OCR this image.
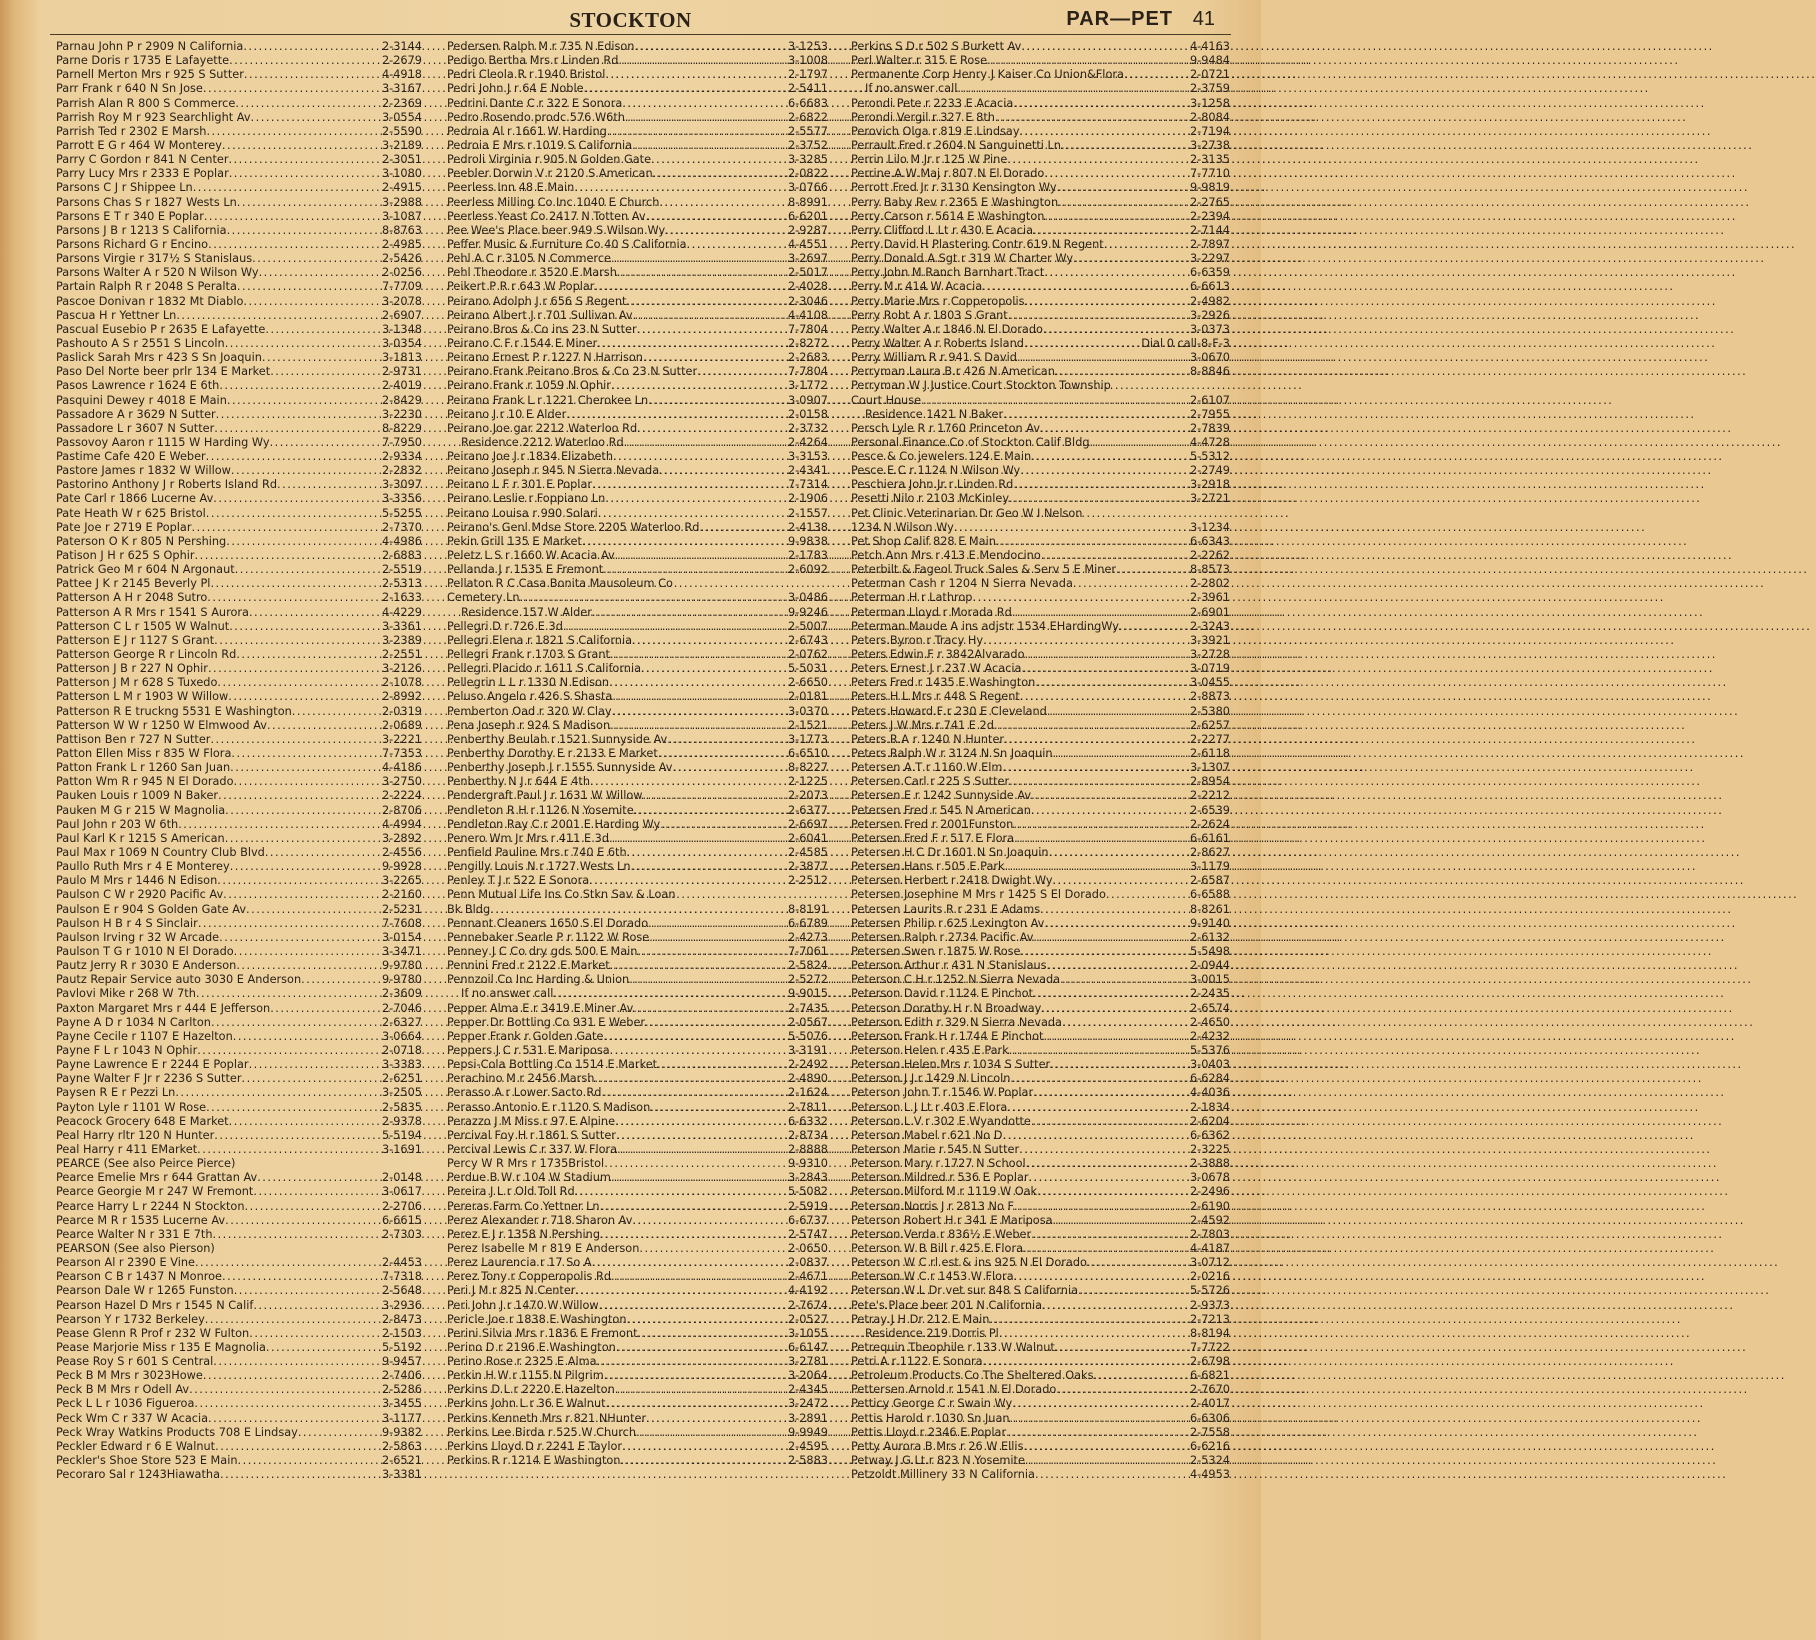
STOCKTON	PAR—PET 41
Parnau John P r 2909 N California .....	2-3144
Parne Doris r 1735 E Lafayette .....	2-2679
Parnell Merton Mrs r 925 S Sutter .....	4-4918
Parr Frank r 640 N Sn Jose .....	3-3167
Parrish Alan R 800 S Commerce .....	2-2369
Parrish Roy M r 923 Searchlight Av .....	3-0554
Parrish Ted r 2302 E Marsh .....	2-5590
Parrott E G r 464 W Monterey .....	3-2189
Parry C Gordon r 841 N Center .....	2-3051
Parry Lucy Mrs r 2333 E Poplar .....	3-1080
Parsons C J r Shippee Ln .....	2-4915
Parsons Chas S r 1827 Wests Ln .....	3-2988
Parsons E T r 340 E Poplar .....	3-1087
Parsons J B r 1213 S California .....	8-8763
Parsons Richard G r Encino .....	2-4985
Parsons Virgie r 317½ S Stanislaus .....	2-5426
Parsons Walter A r 520 N Wilson Wy .....	2-0256
Partain Ralph R r 2048 S Peralta .....	7-7709
Pascoe Donivan r 1832 Mt Diablo .....	3-2078
Pascua H r Yettner Ln .....	2-6907
Pascual Eusebio P r 2635 E Lafayette .....	3-1348
Pashouto A S r 2551 S Lincoln .....	3-0354
Paslick Sarah Mrs r 423 S Sn Joaquin .....	3-1813
Paso Del Norte beer prlr 134 E Market .....	2-9731
Pasos Lawrence r 1624 E 6th .....	2-4019
Pasquini Dewey r 4018 E Main .....	2-8429
Passadore A r 3629 N Sutter .....	3-2230
Passadore L r 3607 N Sutter .....	8-8229
Passovoy Aaron r 1115 W Harding Wy .....	7-7950
Pastime Cafe 420 E Weber .....	2-9334
Pastore James r 1832 W Willow .....	2-2832
Pastorino Anthony J r Roberts Island Rd .....	3-3097
Pate Carl r 1866 Lucerne Av .....	3-3356
Pate Heath W r 625 Bristol .....	5-5255
Pate Joe r 2719 E Poplar .....	2-7370
Paterson O K r 805 N Pershing .....	4-4986
Patison J H r 625 S Ophir .....	2-6883
Patrick Geo M r 604 N Argonaut .....	2-5519
Pattee J K r 2145 Beverly Pl .....	2-5313
Patterson A H r 2048 Sutro .....	2-1633
Patterson A R Mrs r 1541 S Aurora .....	4-4229
Patterson C L r 1505 W Walnut .....	3-3361
Patterson E J r 1127 S Grant .....	3-2389
Patterson George R r Lincoln Rd .....	2-2551
Patterson J B r 227 N Ophir .....	3-2126
Patterson J M r 628 S Tuxedo .....	2-1078
Patterson L M r 1903 W Willow .....	2-8992
Patterson R E truckng 5531 E Washington .....	2-0319
Patterson W W r 1250 W Elmwood Av .....	2-0689
Pattison Ben r 727 N Sutter .....	3-2221
Patton Ellen Miss r 835 W Flora .....	7-7353
Patton Frank L r 1260 San Juan .....	4-4186
Patton Wm R r 945 N El Dorado .....	3-2750
Pauken Louis r 1009 N Baker .....	2-2224
Pauken M G r 215 W Magnolia .....	2-8706
Paul John r 203 W 6th .....	4-4994
Paul Karl K r 1215 S American .....	3-2892
Paul Max r 1069 N Country Club Blvd .....	2-4556
Paullo Ruth Mrs r 4 E Monterey .....	9-9928
Paulo M Mrs r 1446 N Edison .....	3-2265
Paulson C W r 2920 Pacific Av .....	2-2160
Paulson E r 904 S Golden Gate Av .....	2-5231
Paulson H B r 4 S Sinclair .....	7-7608
Paulson Irving r 32 W Arcade .....	3-0154
Paulson T G r 1010 N El Dorado .....	3-3471
Pautz Jerry R r 3030 E Anderson .....	9-9780
Pautz Repair Service auto 3030 E Anderson .....	9-9780
Pavlovi Mike r 268 W 7th .....	2-3609
Paxton Margaret Mrs r 444 E Jefferson .....	2-7046
Payne A D r 1034 N Carlton .....	2-6327
Payne Cecile r 1107 E Hazelton .....	3-0664
Payne F L r 1043 N Ophir .....	2-0718
Payne Lawrence E r 2244 E Poplar .....	3-3383
Payne Walter F Jr r 2236 S Sutter .....	2-6251
Paysen R E r Pezzi Ln .....	3-2505
Payton Lyle r 1101 W Rose .....	2-5835
Peacock Grocery 648 E Market .....	2-9378
Peal Harry rltr 120 N Hunter .....	5-5194
Peal Harry r 411 EMarket .....	3-1691
PEARCE (See also Peirce Pierce)
Pearce Emelie Mrs r 644 Grattan Av .....	2-0148
Pearce Georgie M r 247 W Fremont .....	3-0617
Pearce Harry L r 2244 N Stockton .....	2-2706
Pearce M R r 1535 Lucerne Av .....	6-6615
Pearce Walter N r 331 E 7th .....	2-7303
PEARSON (See also Pierson)
Pearson Al r 2390 E Vine .....	2-4453
Pearson C B r 1437 N Monroe .....	7-7318
Pearson Dale W r 1265 Funston .....	2-5648
Pearson Hazel D Mrs r 1545 N Calif .....	3-2936
Pearson Y r 1732 Berkeley .....	2-8473
Pease Glenn R Prof r 232 W Fulton .....	2-1503
Pease Marjorie Miss r 135 E Magnolia .....	5-5192
Pease Roy S r 601 S Central .....	9-9457
Peck B M Mrs r 3023Howe .....	2-7406
Peck B M Mrs r Odell Av .....	2-5286
Peck L L r 1036 Figueroa .....	3-3455
Peck Wm C r 337 W Acacia .....	3-1177
Peck Wray Watkins Products 708 E Lindsay .....	9-9382
Peckler Edward r 6 E Walnut .....	2-5863
Peckler's Shoe Store 523 E Main .....	2-6521
Pecoraro Sal r 1243Hiawatha .....	3-3381
Pedersen Ralph M r 735 N Edison .....	3-1253
Pedigo Bertha Mrs r Linden Rd .....	3-1008
Pedri Cleola R r 1940 Bristol .....	2-1797
Pedri John J r 64 E Noble .....	2-5411
Pedrini Dante C r 322 E Sonora .....	6-6683
Pedro Rosendo prodc 576 W6th .....	2-6822
Pedroia Al r 1661 W Harding .....	2-5577
Pedroia E Mrs r 1019 S California .....	2-3752
Pedroli Virginia r 905 N Golden Gate .....	3-3285
Peebler Dorwin V r 2120 S American .....	2-0822
Peerless Inn 48 E Main .....	3-0766
Peerless Milling Co Inc 1040 E Church .....	8-8991
Peerless Yeast Co 2417 N Totten Av .....	6-6201
Pee Wee's Place beer 949 S Wilson Wy .....	2-9287
Peffer Music & Furniture Co 40 S California .....	4-4551
Pehl A C r 3105 N Commerce .....	3-2697
Pehl Theodore r 3520 E Marsh .....	2-5017
Peikert P R r 643 W Poplar .....	2-4028
Peirano Adolph J r 656 S Regent .....	2-3046
Peirano Albert J r 701 Sullivan Av .....	4-4108
Peirano Bros & Co ins 23 N Sutter .....	7-7804
Peirano C F r 1544 E Miner .....	2-8272
Peirano Ernest P r 1227 N Harrison .....	2-2683
Peirano Frank Peirano Bros & Co 23 N Sutter .....	7-7804
Peirano Frank r 1059 N Ophir .....	3-1772
Peirano Frank L r 1221 Cherokee Ln .....	3-0907
Peirano J r 10 E Alder .....	2-0158
Peirano Joe gar 2212 Waterloo Rd .....	2-3732
Residence 2212 Waterloo Rd .....	2-4264
Peirano Joe J r 1834 Elizabeth .....	3-3153
Peirano Joseph r 945 N Sierra Nevada .....	2-4341
Peirano L F r 301 E Poplar .....	7-7314
Peirano Leslie r Foppiano Ln .....	2-1906
Peirano Louisa r 990 Solari .....	2-1557
Peirano's Genl Mdse Store 2205 Waterloo Rd .....	2-4138
Pekin Grill 135 E Market .....	9-9838
Peletz L S r 1660 W Acacia Av .....	2-1783
Pellanda J r 1535 E Fremont .....	2-6092
Pellaton R C Casa Bonita Mausoleum Co
Cemetery Ln .....	3-0486
Residence 157 W Alder .....	9-9246
Pellegri D r 726 E 3d .....	2-5007
Pellegri Elena r 1821 S California .....	2-6743
Pellegri Frank r 1703 S Grant .....	2-0762
Pellegri Placido r 1611 S California .....	5-5031
Pellegrin L L r 1330 N Edison .....	2-6650
Peluso Angelo r 426 S Shasta .....	2-0181
Pemberton Oad r 320 W Clay .....	3-0370
Pena Joseph r 924 S Madison .....	2-1521
Penberthy Beulah r 1521 Sunnyside Av .....	3-1773
Penberthy Dorothy E r 2133 E Market .....	6-6510
Penberthy Joseph J r 1555 Sunnyside Av .....	8-8227
Penberthy N J r 644 E 4th .....	2-1225
Pendergraft Paul J r 1631 W Willow .....	2-2073
Pendleton R H r 1126 N Yosemite .....	2-6377
Pendleton Ray C r 2001 E Harding Wy .....	2-6697
Penero Wm Jr Mrs r 411 E 3d .....	2-6041
Penfield Pauline Mrs r 740 E 6th .....	2-4585
Pengilly Louis N r 1727 Wests Ln .....	2-3877
Penley T J r 522 E Sonora .....	2-2512
Penn Mutual Life Ins Co Stkn Sav & Loan
Bk Bldg .....	8-8191
Pennant Cleaners 1650 S El Dorado .....	6-6789
Pennebaker Searle P r 1122 W Rose .....	2-4273
Penney J C Co dry gds 500 E Main .....	7-7061
Pennini Fred r 2122 E Market .....	2-5824
Pennzoil Co Inc Harding & Union .....	2-5272
If no answer call .....	9-9015
Pepper Alma E r 3419 E Miner Av .....	2-7435
Pepper Dr Bottling Co 931 E Weber .....	2-0567
Pepper Frank r Golden Gate .....	5-5076
Peppers J C r 531 E Mariposa .....	3-3191
Pepsi-Cola Bottling Co 1514 E Market .....	2-2492
Perachino M r 2456 Marsh .....	2-4890
Perasso A r Lower Sacto Rd .....	2-1624
Perasso Antonio E r 1120 S Madison .....	2-7811
Perazzo J M Miss r 97 E Alpine .....	6-6332
Percival Foy H r 1861 S Sutter .....	2-8734
Percival Lewis C r 337 W Flora .....	2-8888
Percy W R Mrs r 1735Bristol .....	9-9310
Perdue B W r 104 W Stadium .....	3-2843
Pereira J L r Old Toll Rd .....	5-5082
Pereras Farm Co Yettner Ln .....	2-5919
Perez Alexander r 718 Sharon Av .....	6-6737
Perez E J r 1358 N Pershing .....	2-5747
Perez Isabelle M r 819 E Anderson .....	2-0650
Perez Laurencia r 17 So A .....	2-0837
Perez Tony r Copperopolis Rd .....	2-4671
Peri J M r 825 N Center .....	4-4192
Peri John J r 1470 W Willow .....	2-7674
Pericle Joe r 1838 E Washington .....	2-0527
Perini Silvia Mrs r 1836 E Fremont .....	3-1055
Perino D r 2196 E Washington .....	6-6147
Perino Rose r 2325 E Alma .....	3-2781
Perkin H W r 1155 N Pilgrim .....	3-2064
Perkins D L r 2220 E Hazelton .....	2-4345
Perkins John L r 36 E Walnut .....	3-2472
Perkins Kenneth Mrs r 821 NHunter .....	3-2891
Perkins Lee Birda r 525 W Church .....	9-9949
Perkins Lloyd D r 2241 E Taylor .....	2-4595
Perkins R r 1214 E Washington .....	2-5883
Perkins S D r 502 S Burkett Av .....	4-4163
Perl Walter r 315 E Rose .....	9-9484
Permanente Corp Henry J Kaiser Co Union&Flora .....	2-0721
If no answer call .....	2-3759
Perondi Pete r 2233 E Acacia .....	3-1258
Perondi Vergil r 327 E 8th .....	2-8084
Perovich Olga r 819 E Lindsay .....	2-7194
Perrault Fred r 2604 N Sanguinetti Ln .....	3-2738
Perrin Lilo M Jr r 125 W Pine .....	2-3135
Perrine A W Maj r 807 N El Dorado .....	7-7710
Perrott Fred Jr r 3130 Kensington Wy .....	9-9819
Perry Baby Rev r 2365 E Washington .....	2-2765
Perry Carson r 5614 E Washington .....	2-2394
Perry Clifford L Lt r 430 E Acacia .....	2-7144
Perry David H Plastering Contr 619 N Regent .....	2-7897
Perry Donald A Sgt r 319 W Charter Wy .....	3-2297
Perry John M Ranch Barnhart Tract .....	6-6359
Perry M r 414 W Acacia .....	6-6613
Perry Marie Mrs r Copperopolis .....	2-4982
Perry Robt A r 1803 S Grant .....	3-2926
Perry Walter A r 1846 N El Dorado .....	3-0373
Perry Walter A r Roberts Island .....	Dial 0 call-8-F-3
Perry William R r 941 S David .....	3-0670
Perryman Laura B r 426 N American .....	8-8846
Perryman W J Justice Court Stockton Township
Court House .....	2-6107
Residence 1421 N Baker .....	2-7955
Persch Lyle R r 1760 Princeton Av .....	2-7839
Personal Finance Co of Stockton Calif Bldg .....	4-4728
Pesce & Co jewelers 124 E Main .....	5-5312
Pesce E C r 1124 N Wilson Wy .....	2-2749
Peschiera John Jr r Linden Rd .....	3-2918
Pesetti Nilo r 2103 McKinley .....	3-2721
Pet Clinic Veterinarian Dr Geo W I Nelson
1234 N Wilson Wy .....	3-1234
Pet Shop Calif 828 E Main .....	6-6343
Petch Ann Mrs r 413 E Mendocino .....	2-2262
Peterbilt & Fageol Truck Sales & Serv 5 E Miner .....	8-8573
Peterman Cash r 1204 N Sierra Nevada .....	2-2802
Peterman H r Lathrop .....	2-3961
Peterman Lloyd r Morada Rd .....	2-6901
Peterman Maude A ins adjstr 1534 EHardingWy .....	2-3243
Peters Byron r Tracy Hy .....	3-3921
Peters Edwin F r 3842Alvarado .....	3-2728
Peters Ernest J r 237 W Acacia .....	3-0719
Peters Fred r 1435 E Washington .....	3-0455
Peters H L Mrs r 448 S Regent .....	2-8873
Peters Howard F r 230 E Cleveland .....	2-5380
Peters J W Mrs r 741 E 2d .....	2-6257
Peters R A r 1240 N Hunter .....	2-2277
Peters Ralph W r 3124 N Sn Joaquin .....	2-6118
Petersen A T r 1160 W Elm .....	3-1307
Petersen Carl r 225 S Sutter .....	2-8954
Petersen E r 1242 Sunnyside Av .....	2-2212
Petersen Fred r 545 N American .....	2-6539
Petersen Fred r 2001Funston .....	2-2624
Petersen Fred F r 517 E Flora .....	6-6161
Petersen H C Dr 1601 N Sn Joaquin .....	2-8627
Petersen Hans r 505 E Park .....	3-1179
Petersen Herbert r 2418 Dwight Wy .....	2-6587
Petersen Josephine M Mrs r 1425 S El Dorado .....	6-6588
Petersen Laurits R r 231 E Adams .....	8-8261
Petersen Philip r 625 Lexington Av .....	9-9140
Petersen Ralph r 2734 Pacific Av .....	2-6132
Petersen Swen r 1875 W Rose .....	5-5498
Peterson Arthur r 431 N Stanislaus .....	2-0944
Peterson C H r 1252 N Sierra Nevada .....	3-0015
Peterson David r 1124 E Pinchot .....	2-2435
Peterson Dorathy H r N Broadway .....	2-6574
Peterson Edith r 329 N Sierra Nevada .....	2-4650
Peterson Frank H r 1744 E Pinchot .....	2-4232
Peterson Helen r 435 E Park .....	5-5376
Peterson Helen Mrs r 1034 S Sutter .....	3-0403
Peterson J J r 1429 N Lincoln .....	6-6284
Peterson John T r 1546 W Poplar .....	4-4036
Peterson L J Lt r 403 E Flora .....	2-1834
Peterson L V r 302 E Wyandotte .....	2-6204
Peterson Mabel r 621 No D .....	6-6362
Peterson Marie r 545 N Sutter .....	2-3225
Peterson Mary r 1727 N School .....	2-3888
Peterson Mildred r 536 E Poplar .....	3-0678
Peterson Milford M r 1119 W Oak .....	2-2496
Peterson Norris J r 2813 No F .....	2-6190
Peterson Robert H r 341 E Mariposa .....	2-4592
Peterson Verda r 836½ E Weber .....	2-7803
Peterson W B Bill r 425 E Flora .....	4-4187
Peterson W C rl est & ins 925 N El Dorado .....	3-0712
Peterson W C r 1453 W Flora .....	2-0216
Peterson W L Dr vet sur 848 S California .....	5-5726
Pete's Place beer 201 N California .....	2-9373
Petray J H Dr 212 E Main .....	2-7213
Residence 219 Dorris Pl .....	8-8194
Petrequin Theophile r 133 W Walnut .....	7-7722
Petri A r 1122 E Sonora .....	2-6798
Petroleum Products Co The Sheltered Oaks .....	6-6821
Pettersen Arnold r 1541 N El Dorado .....	2-7670
Petticy George C r Swain Wy .....	2-4017
Pettis Harold r 1030 Sn Juan .....	6-6306
Pettis Lloyd r 2346 E Poplar .....	2-7558
Petty Aurora B Mrs r 26 W Ellis .....	6-6216
Petway J G Lt r 823 N Yosemite .....	2-5324
Petzoldt Millinery 33 N California .....	4-4953
